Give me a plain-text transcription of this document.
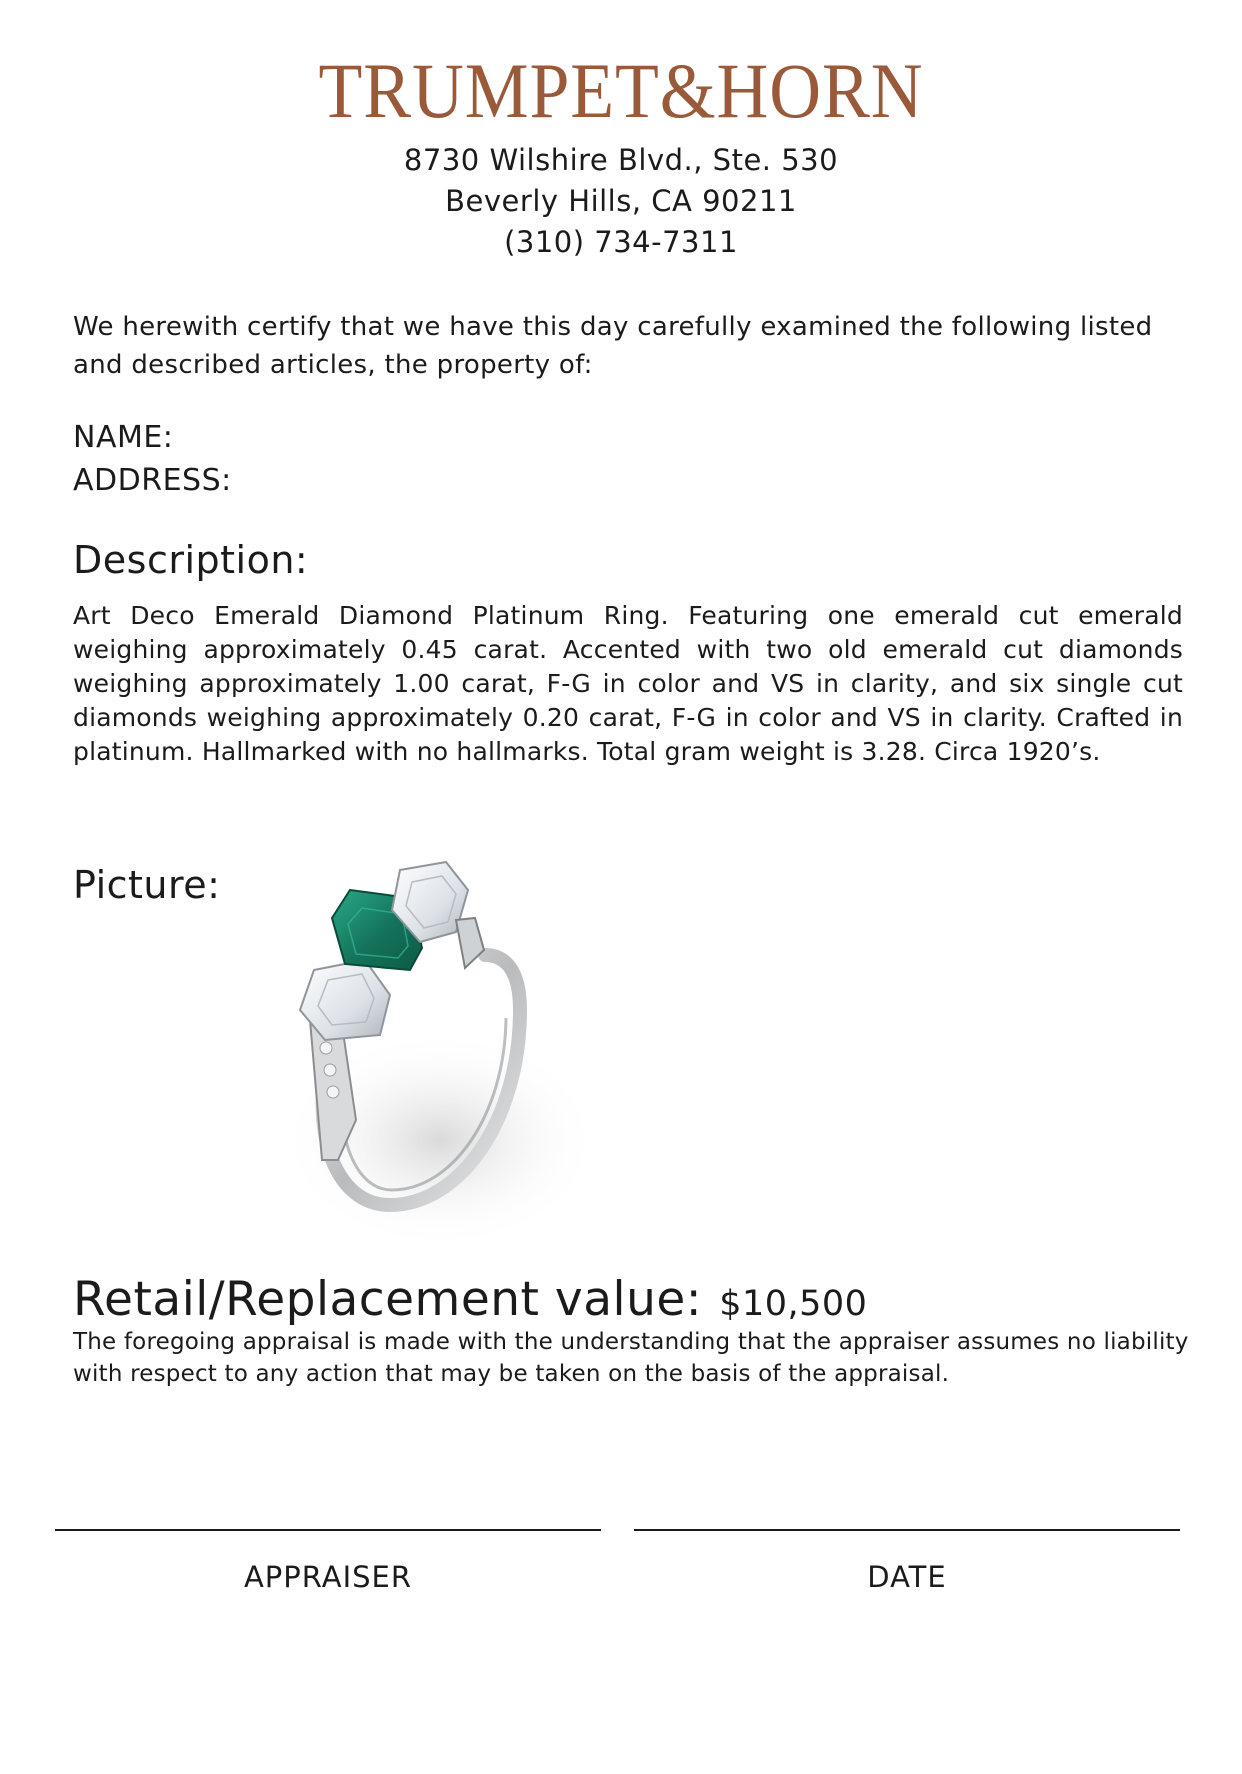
TRUMPET&HORN
8730 Wilshire Blvd., Ste. 530
Beverly Hills, CA 90211
(310) 734-7311
We herewith certify that we have this day carefully examined the following listed and described articles, the property of:
NAME:
ADDRESS:
Description:
Art Deco Emerald Diamond Platinum Ring. Featuring one emerald cut emerald weighing approximately 0.45 carat. Accented with two old emerald cut diamonds weighing approximately 1.00 carat, F-G in color and VS in clarity, and six single cut diamonds weighing approximately 0.20 carat, F-G in color and VS in clarity. Crafted in platinum. Hallmarked with no hallmarks. Total gram weight is 3.28. Circa 1920’s.
Picture:
Retail/Replacement value: $10,500
The foregoing appraisal is made with the understanding that the appraiser assumes no liability with respect to any action that may be taken on the basis of the appraisal.
APPRAISER	DATE
